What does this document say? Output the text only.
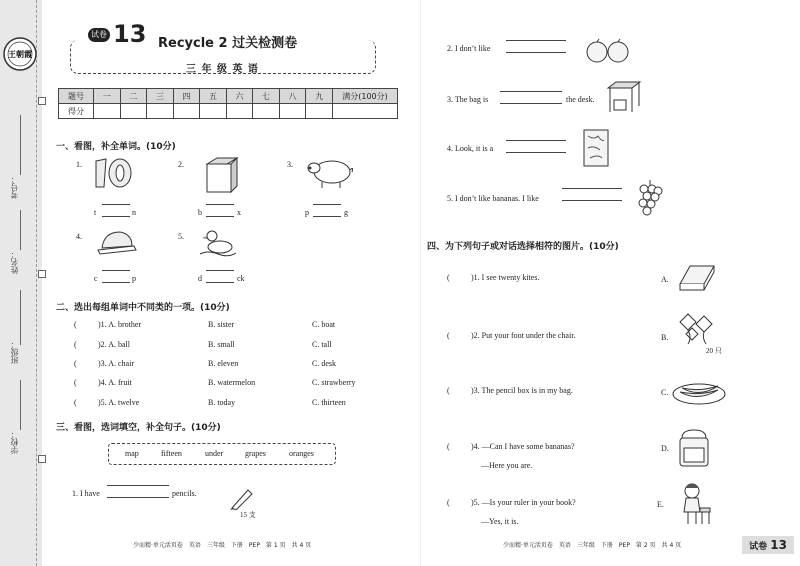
考号：
姓名：
班级：
学校：
王朝霞
试卷 13 Recycle 2 过关检测卷
三 年 级 英 语
题号	一	二	三	四	五	六	七	八	九	满分(100分)
得分										
一、看图，补全单词。(10分)
1.
t	n
2.
b	x
3.
p	g
4.
c	p
5.
d	ck
二、选出每组单词中不同类的一项。(10分)
(	)1. A. brother	B. sister	C. boat
(	)2. A. ball	B. small	C. tall
(	)3. A. chair	B. eleven	C. desk
(	)4. A. fruit	B. watermelon	C. strawberry
(	)5. A. twelve	B. today	C. thirteen
三、看图，选词填空，补全句子。(10分)
map	fifteen	under	grapes	oranges
1. I have	pencils.
15 支
2. I don’t like
3. The bag is	the desk.
4. Look, it is a
5. I don’t like bananas. I like
四、为下列句子或对话选择相符的图片。(10分)
(	)1. I see twenty kites.	A.
(	)2. Put your foot under the chair.	B.
20 只
(	)3. The pencil box is in my bag.	C.
(	)4. —Can I have some bananas?
—Here you are.
D.
(	)5. —Is your ruler in your book?
—Yes, it is.
E.
少而精·单元活页卷　英语　三年级　下册　PEP　第 1 页　共 4 页	少而精·单元活页卷　英语　三年级　下册　PEP　第 2 页　共 4 页	试卷 13
